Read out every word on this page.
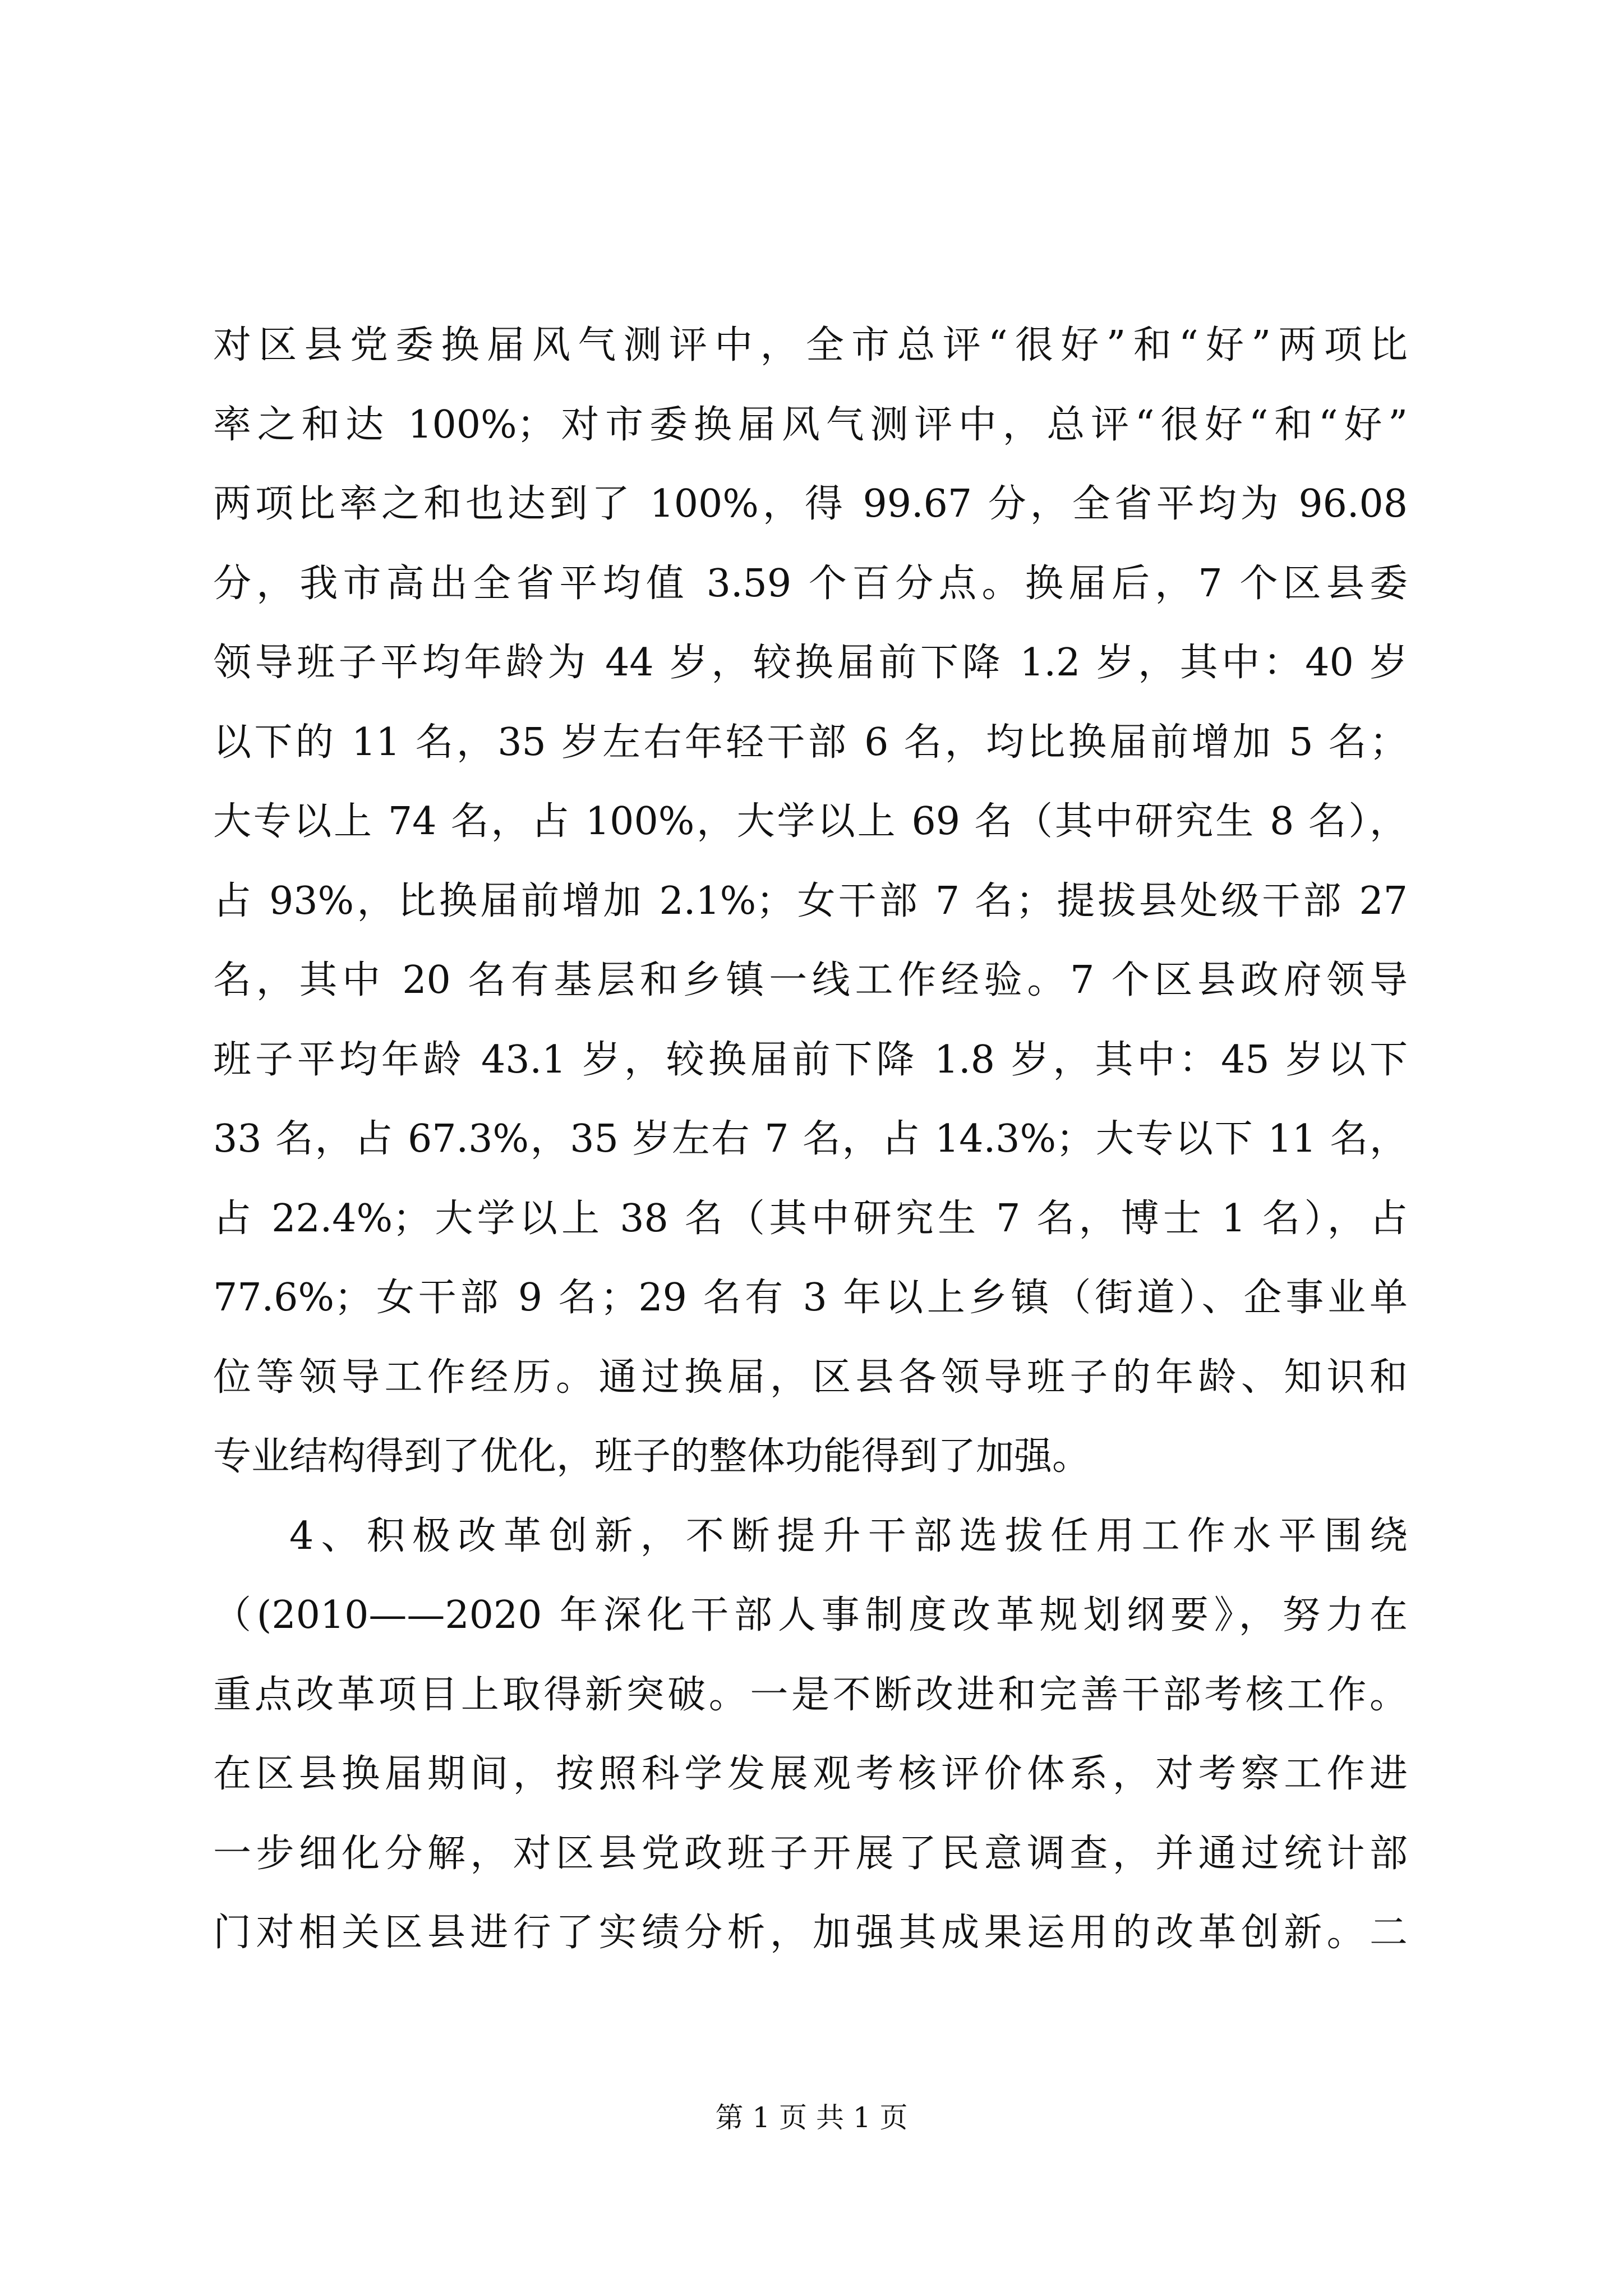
对区县党委换届风气测评中，全市总评“很好”和“好”两项比
率之和达 100%；对市委换届风气测评中，总评“很好“和“好”
两项比率之和也达到了 100%，得 99.67 分，全省平均为 96.08
分，我市高出全省平均值 3.59 个百分点。换届后，7 个区县委
领导班子平均年龄为 44 岁，较换届前下降 1.2 岁，其中：40 岁
以下的 11 名，35 岁左右年轻干部 6 名，均比换届前增加 5 名；
大专以上 74 名，占 100%，大学以上 69 名（其中研究生 8 名），
占 93%，比换届前增加 2.1%；女干部 7 名；提拔县处级干部 27
名，其中 20 名有基层和乡镇一线工作经验。7 个区县政府领导
班子平均年龄 43.1 岁，较换届前下降 1.8 岁，其中：45 岁以下
33 名，占 67.3%，35 岁左右 7 名，占 14.3%；大专以下 11 名，
占 22.4%；大学以上 38 名（其中研究生 7 名，博士 1 名），占
77.6%；女干部 9 名；29 名有 3 年以上乡镇（街道）、企事业单
位等领导工作经历。通过换届，区县各领导班子的年龄、知识和
专业结构得到了优化，班子的整体功能得到了加强。
4、积极改革创新，不断提升干部选拔任用工作水平围绕
（(2010——2020 年深化干部人事制度改革规划纲要》，努力在
重点改革项目上取得新突破。一是不断改进和完善干部考核工作。
在区县换届期间，按照科学发展观考核评价体系，对考察工作进
一步细化分解，对区县党政班子开展了民意调查，并通过统计部
门对相关区县进行了实绩分析，加强其成果运用的改革创新。二
第 1 页 共 1 页
